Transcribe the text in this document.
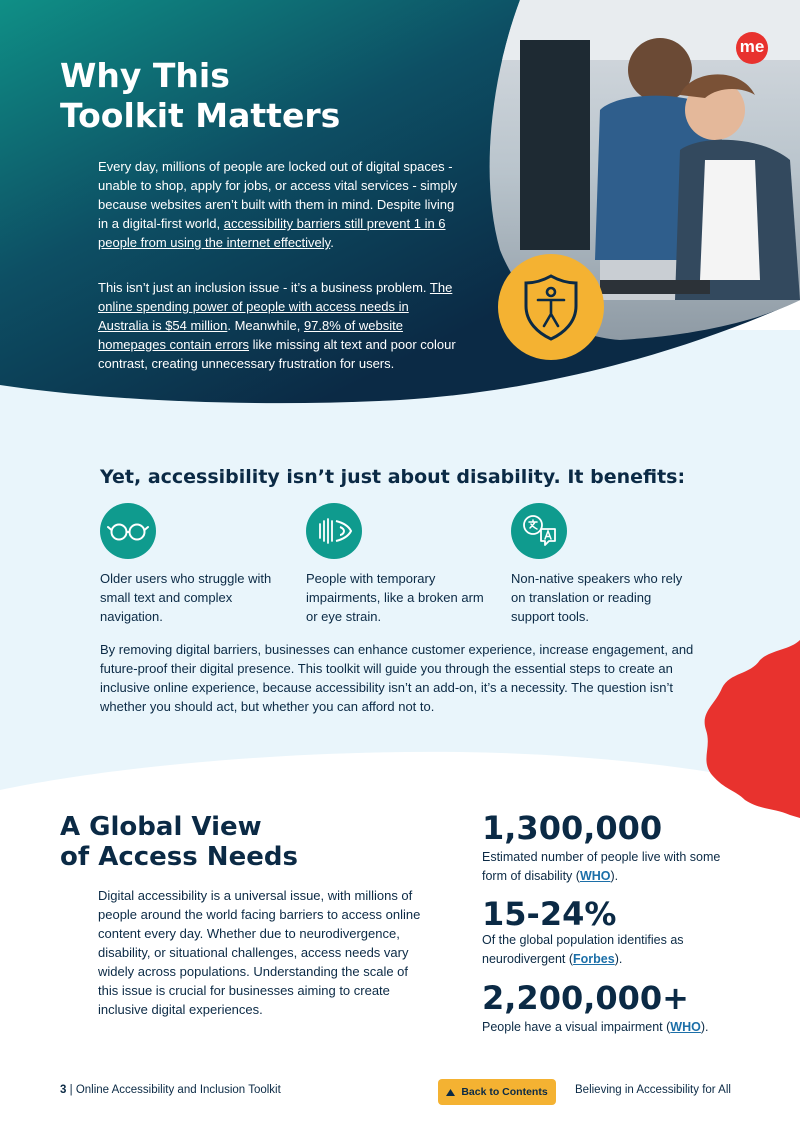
me
Why This
Toolkit Matters

Every day, millions of people are locked out of digital spaces - unable to shop, apply for jobs, or access vital services - simply because websites aren’t built with them in mind. Despite living in a digital-first world, accessibility barriers still prevent 1 in 6 people from using the internet effectively.

This isn’t just an inclusion issue - it’s a business problem. The online spending power of people with access needs in Australia is $54 million. Meanwhile, 97.8% of website homepages contain errors like missing alt text and poor colour contrast, creating unnecessary frustration for users.

Yet, accessibility isn’t just about disability. It benefits:

Older users who struggle with small text and complex navigation.

People with temporary impairments, like a broken arm or eye strain.

Non-native speakers who rely on translation or reading support tools.

By removing digital barriers, businesses can enhance customer experience, increase engagement, and future-proof their digital presence. This toolkit will guide you through the essential steps to create an inclusive online experience, because accessibility isn’t an add-on, it’s a necessity. The question isn’t whether you should act, but whether you can afford not to.

A Global View
of Access Needs

Digital accessibility is a universal issue, with millions of people around the world facing barriers to access online content every day. Whether due to neurodivergence, disability, or situational challenges, access needs vary widely across populations. Understanding the scale of this issue is crucial for businesses aiming to create inclusive digital experiences.

1,300,000

Estimated number of people live with some form of disability (WHO).

15-24%

Of the global population identifies as neurodivergent (Forbes).

2,200,000+

People have a visual impairment (WHO).

3 | Online Accessibility and Inclusion Toolkit	Back to Contents Believing in Accessibility for All
